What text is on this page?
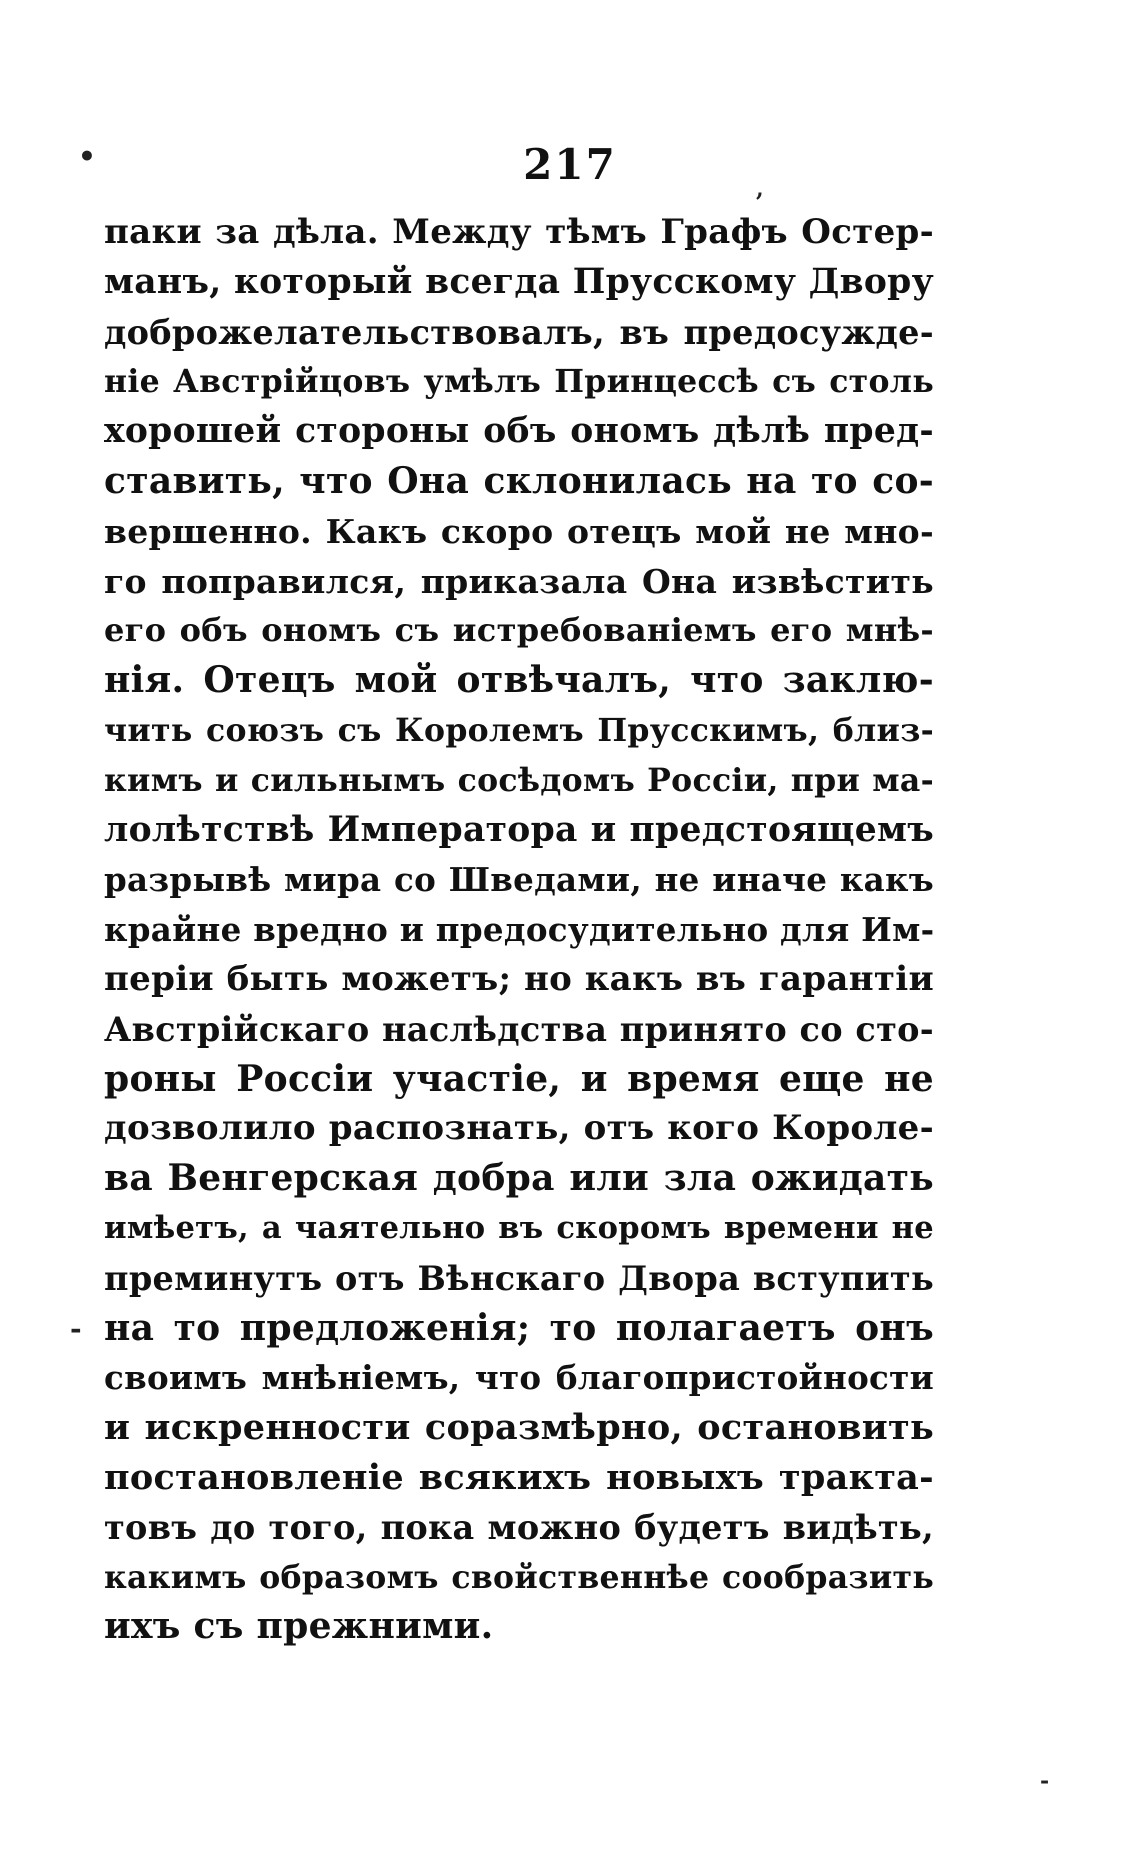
•
,
-
-
217
паки за дѣла. Между тѣмъ Графъ Остер-
манъ, который всегда Прусскому Двору
доброжелательствовалъ, въ предосужде-
ніе Австрійцовъ умѣлъ Принцессѣ съ столь
хорошей стороны объ ономъ дѣлѣ пред-
ставить, что Она склонилась на то со-
вершенно. Какъ скоро отецъ мой не мно-
го поправился, приказала Она извѣстить
его объ ономъ съ истребованіемъ его мнѣ-
нія. Отецъ мой отвѣчалъ, что заклю-
чить союзъ съ Королемъ Прусскимъ, близ-
кимъ и сильнымъ сосѣдомъ Россіи, при ма-
лолѣтствѣ Императора и предстоящемъ
разрывѣ мира со Шведами, не иначе какъ
крайне вредно и предосудительно для Им-
періи быть можетъ; но какъ въ гарантіи
Австрійскаго наслѣдства принято со сто-
роны Россіи участіе, и время еще не
дозволило распознать, отъ кого Короле-
ва Венгерская добра или зла ожидать
имѣетъ, а чаятельно въ скоромъ времени не
преминутъ отъ Вѣнскаго Двора вступить
на то предложенія; то полагаетъ онъ
своимъ мнѣніемъ, что благопристойности
и искренности соразмѣрно, остановить
постановленіе всякихъ новыхъ тракта-
товъ до того, пока можно будетъ видѣть,
какимъ образомъ свойственнѣе сообразить
ихъ съ прежними.
